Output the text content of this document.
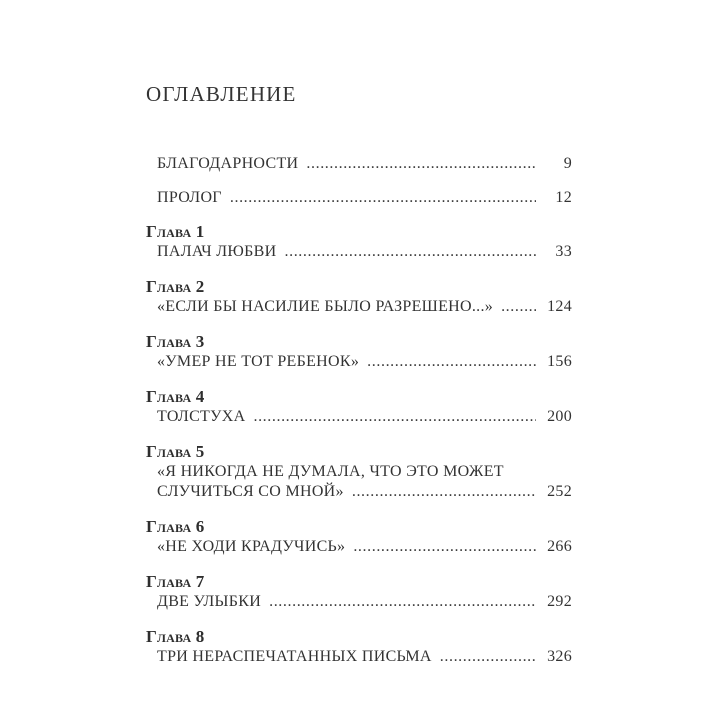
ОГЛАВЛЕНИЕ
БЛАГОДАРНОСТИ .....	9
ПРОЛОГ .....	12
Глава 1
ПАЛАЧ ЛЮБВИ .....	33
Глава 2
«ЕСЛИ БЫ НАСИЛИЕ БЫЛО РАЗРЕШЕНО...» .....	124
Глава 3
«УМЕР НЕ ТОТ РЕБЕНОК» .....	156
Глава 4
ТОЛСТУХА .....	200
Глава 5
«Я НИКОГДА НЕ ДУМАЛА, ЧТО ЭТО МОЖЕТ
СЛУЧИТЬСЯ СО МНОЙ» .....	252
Глава 6
«НЕ ХОДИ КРАДУЧИСЬ» .....	266
Глава 7
ДВЕ УЛЫБКИ .....	292
Глава 8
ТРИ НЕРАСПЕЧАТАННЫХ ПИСЬМА .....	326
